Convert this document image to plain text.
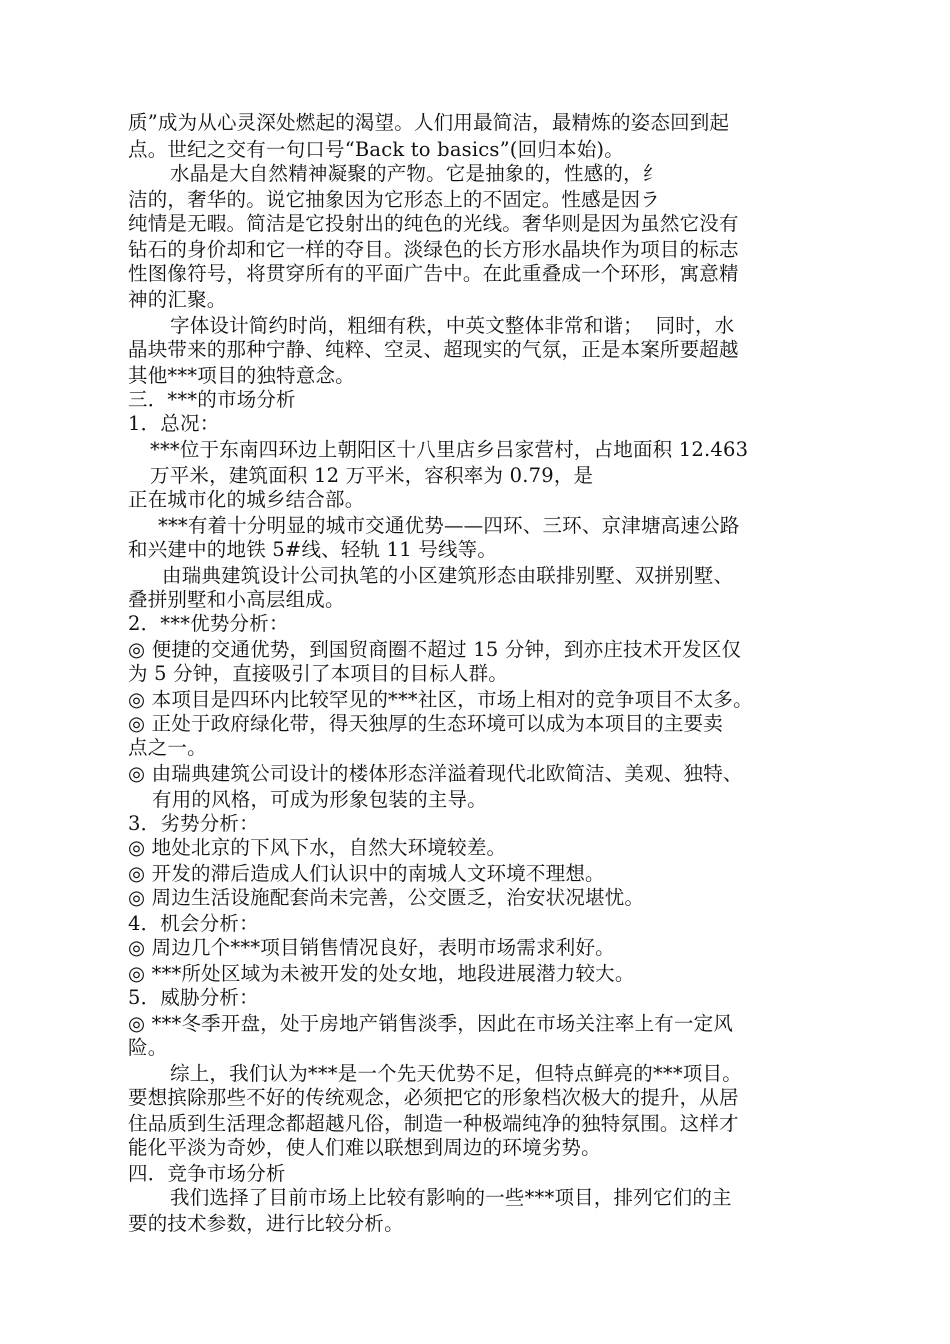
质”成为从心灵深处燃起的渴望。人们用最简洁，最精炼的姿态回到起
点。世纪之交有一句口号“Back to basics”(回归本始)。
水晶是大自然精神凝聚的产物。它是抽象的，性感的，纟
洁的，奢华的。说它抽象因为它形态上的不固定。性感是因ラ
纯情是无暇。简洁是它投射出的纯色的光线。奢华则是因为虽然它没有
钻石的身价却和它一样的夺目。淡绿色的长方形水晶块作为项目的标志
性图像符号，将贯穿所有的平面广告中。在此重叠成一个环形，寓意精
神的汇聚。
字体设计简约时尚，粗细有秩，中英文整体非常和谐；  同时，水
晶块带来的那种宁静、纯粹、空灵、超现实的气氛，正是本案所要超越
其他***项目的独特意念。
三．***的市场分析
1．总况：
***位于东南四环边上朝阳区十八里店乡吕家营村，占地面积 12.463
万平米，建筑面积 12 万平米，容积率为 0.79，是
正在城市化的城乡结合部。
***有着十分明显的城市交通优势——四环、三环、京津塘高速公路
和兴建中的地铁 5#线、轻轨 11 号线等。
由瑞典建筑设计公司执笔的小区建筑形态由联排别墅、双拼别墅、
叠拼别墅和小高层组成。
2．***优势分析：
◎ 便捷的交通优势，到国贸商圈不超过 15 分钟，到亦庄技术开发区仅
为 5 分钟，直接吸引了本项目的目标人群。
◎ 本项目是四环内比较罕见的***社区，市场上相对的竞争项目不太多。
◎ 正处于政府绿化带，得天独厚的生态环境可以成为本项目的主要卖
点之一。
◎ 由瑞典建筑公司设计的楼体形态洋溢着现代北欧简洁、美观、独特、
有用的风格，可成为形象包装的主导。
3．劣势分析：
◎ 地处北京的下风下水，自然大环境较差。
◎ 开发的滞后造成人们认识中的南城人文环境不理想。
◎ 周边生活设施配套尚未完善，公交匮乏，治安状况堪忧。
4．机会分析：
◎ 周边几个***项目销售情况良好，表明市场需求利好。
◎ ***所处区域为未被开发的处女地，地段进展潜力较大。
5．威胁分析：
◎ ***冬季开盘，处于房地产销售淡季，因此在市场关注率上有一定风
险。
综上，我们认为***是一个先天优势不足，但特点鲜亮的***项目。
要想摈除那些不好的传统观念，必须把它的形象档次极大的提升，从居
住品质到生活理念都超越凡俗，制造一种极端纯净的独特氛围。这样才
能化平淡为奇妙，使人们难以联想到周边的环境劣势。
四．竞争市场分析
我们选择了目前市场上比较有影响的一些***项目，排列它们的主
要的技术参数，进行比较分析。
